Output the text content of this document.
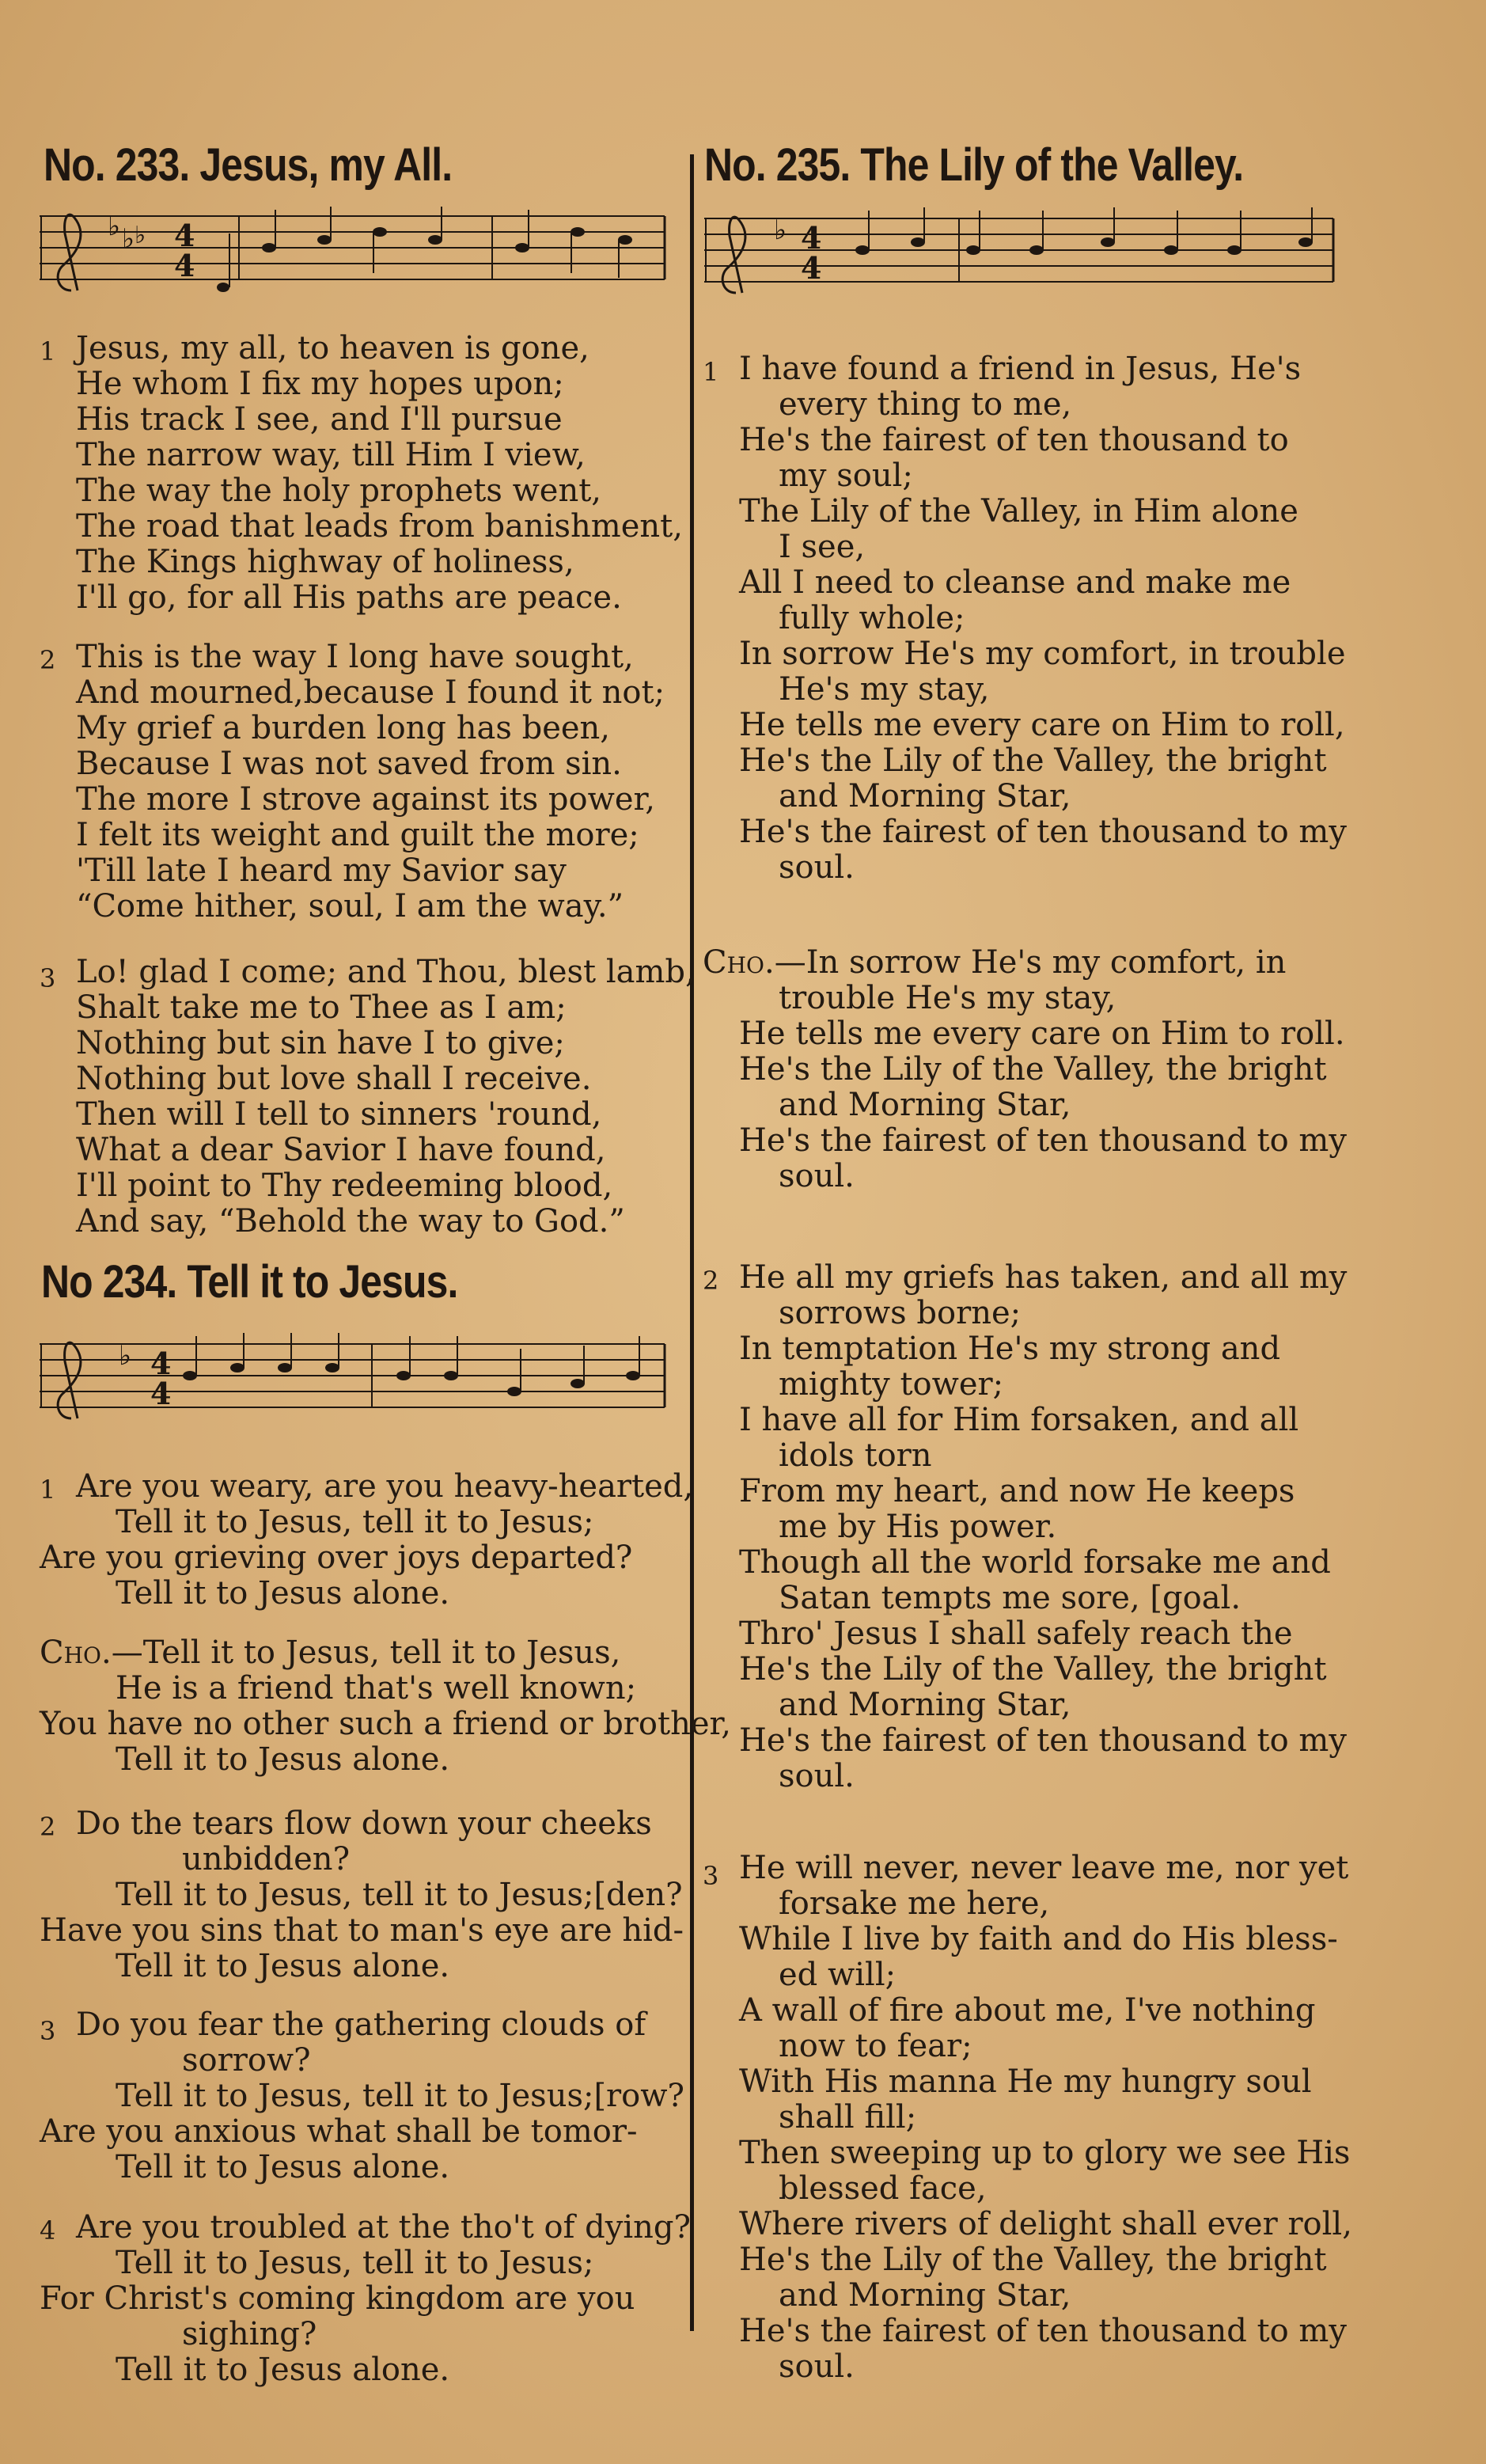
No. 233. Jesus, my All.
♭ ♭ ♭ 4
4
1 Jesus, my all, to heaven is gone,
He whom I fix my hopes upon;
His track I see, and I'll pursue
The narrow way, till Him I view,
The way the holy prophets went,
The road that leads from banishment,
The Kings highway of holiness,
I'll go, for all His paths are peace.
2 This is the way I long have sought,
And mourned,because I found it not;
My grief a burden long has been,
Because I was not saved from sin.
The more I strove against its power,
I felt its weight and guilt the more;
'Till late I heard my Savior say
“Come hither, soul, I am the way.”
3 Lo! glad I come; and Thou, blest lamb,
Shalt take me to Thee as I am;
Nothing but sin have I to give;
Nothing but love shall I receive.
Then will I tell to sinners 'round,
What a dear Savior I have found,
I'll point to Thy redeeming blood,
And say, “Behold the way to God.”
No 234. Tell it to Jesus.
♭ 4
4
1 Are you weary, are you heavy-hearted,
Tell it to Jesus, tell it to Jesus;
Are you grieving over joys departed?
Tell it to Jesus alone.
Cho.—Tell it to Jesus, tell it to Jesus,
He is a friend that's well known;
You have no other such a friend or brother,
Tell it to Jesus alone.
2 Do the tears flow down your cheeks
unbidden?
Tell it to Jesus, tell it to Jesus;[den?
Have you sins that to man's eye are hid-
Tell it to Jesus alone.
3 Do you fear the gathering clouds of
sorrow?
Tell it to Jesus, tell it to Jesus;[row?
Are you anxious what shall be tomor-
Tell it to Jesus alone.
4 Are you troubled at the tho't of dying?
Tell it to Jesus, tell it to Jesus;
For Christ's coming kingdom are you
sighing?
Tell it to Jesus alone.
No. 235. The Lily of the Valley.
♭ 4
4
1 I have found a friend in Jesus, He's
every thing to me,
He's the fairest of ten thousand to
my soul;
The Lily of the Valley, in Him alone
I see,
All I need to cleanse and make me
fully whole;
In sorrow He's my comfort, in trouble
He's my stay,
He tells me every care on Him to roll,
He's the Lily of the Valley, the bright
and Morning Star,
He's the fairest of ten thousand to my
soul.
Cho.—In sorrow He's my comfort, in
trouble He's my stay,
He tells me every care on Him to roll.
He's the Lily of the Valley, the bright
and Morning Star,
He's the fairest of ten thousand to my
soul.
2 He all my griefs has taken, and all my
sorrows borne;
In temptation He's my strong and
mighty tower;
I have all for Him forsaken, and all
idols torn
From my heart, and now He keeps
me by His power.
Though all the world forsake me and
Satan tempts me sore, [goal.
Thro' Jesus I shall safely reach the
He's the Lily of the Valley, the bright
and Morning Star,
He's the fairest of ten thousand to my
soul.
3 He will never, never leave me, nor yet
forsake me here,
While I live by faith and do His bless-
ed will;
A wall of fire about me, I've nothing
now to fear;
With His manna He my hungry soul
shall fill;
Then sweeping up to glory we see His
blessed face,
Where rivers of delight shall ever roll,
He's the Lily of the Valley, the bright
and Morning Star,
He's the fairest of ten thousand to my
soul.
